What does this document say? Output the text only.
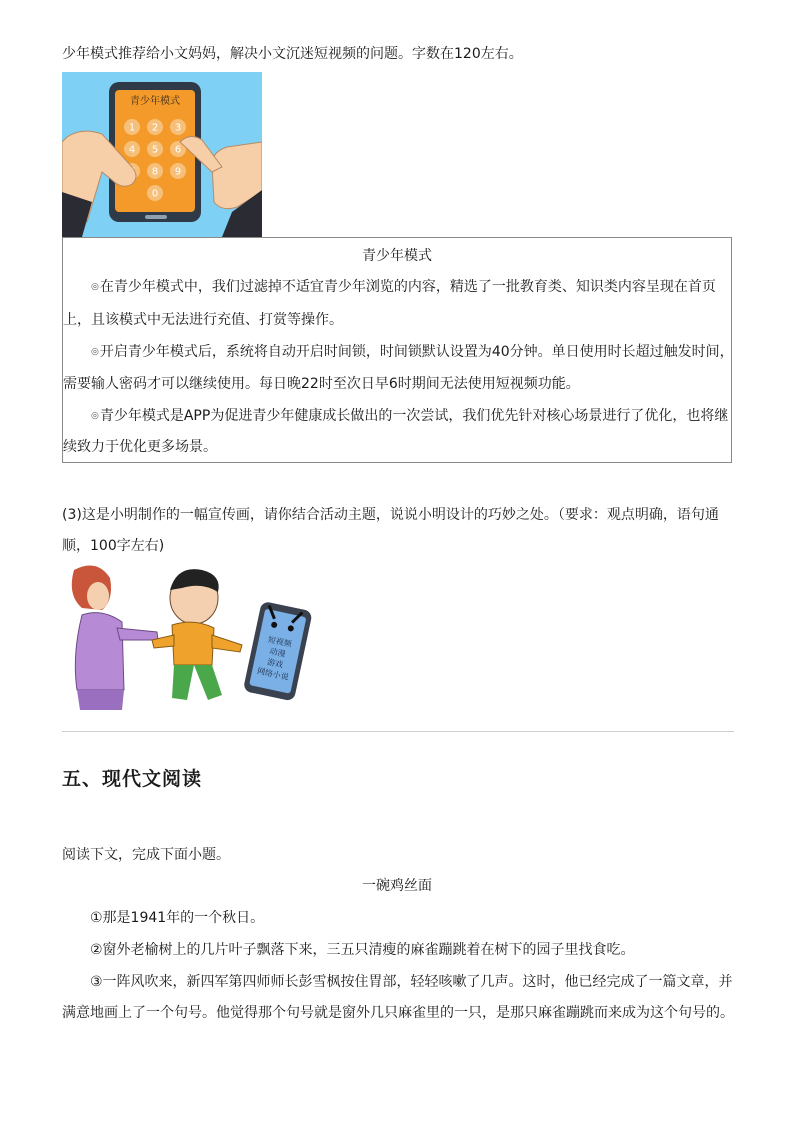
少年模式推荐给小文妈妈，解决小文沉迷短视频的问题。字数在120左右。
青少年模式
1 2 3
4 5 6
8 9
0
青少年模式
◎在青少年模式中，我们过滤掉不适宜青少年浏览的内容，精选了一批教育类、知识类内容呈现在首页
上，且该模式中无法进行充值、打赏等操作。
◎开启青少年模式后，系统将自动开启时间锁，时间锁默认设置为40分钟。单日使用时长超过触发时间，
需要输人密码才可以继续使用。每日晚22时至次日早6时期间无法使用短视频功能。
◎青少年模式是APP为促进青少年健康成长做出的一次尝试，我们优先针对核心场景进行了优化，也将继
续致力于优化更多场景。
(3)这是小明制作的一幅宣传画，请你结合活动主题，说说小明设计的巧妙之处。（要求：观点明确，语句通
顺，100字左右)
短视频
动漫
游戏
网络小说
五、现代文阅读
阅读下文，完成下面小题。
一碗鸡丝面
①那是1941年的一个秋日。
②窗外老榆树上的几片叶子飘落下来，三五只清瘦的麻雀蹦跳着在树下的园子里找食吃。
③一阵风吹来，新四军第四师师长彭雪枫按住胃部，轻轻咳嗽了几声。这时，他已经完成了一篇文章，并
满意地画上了一个句号。他觉得那个句号就是窗外几只麻雀里的一只，是那只麻雀蹦跳而来成为这个句号的。
